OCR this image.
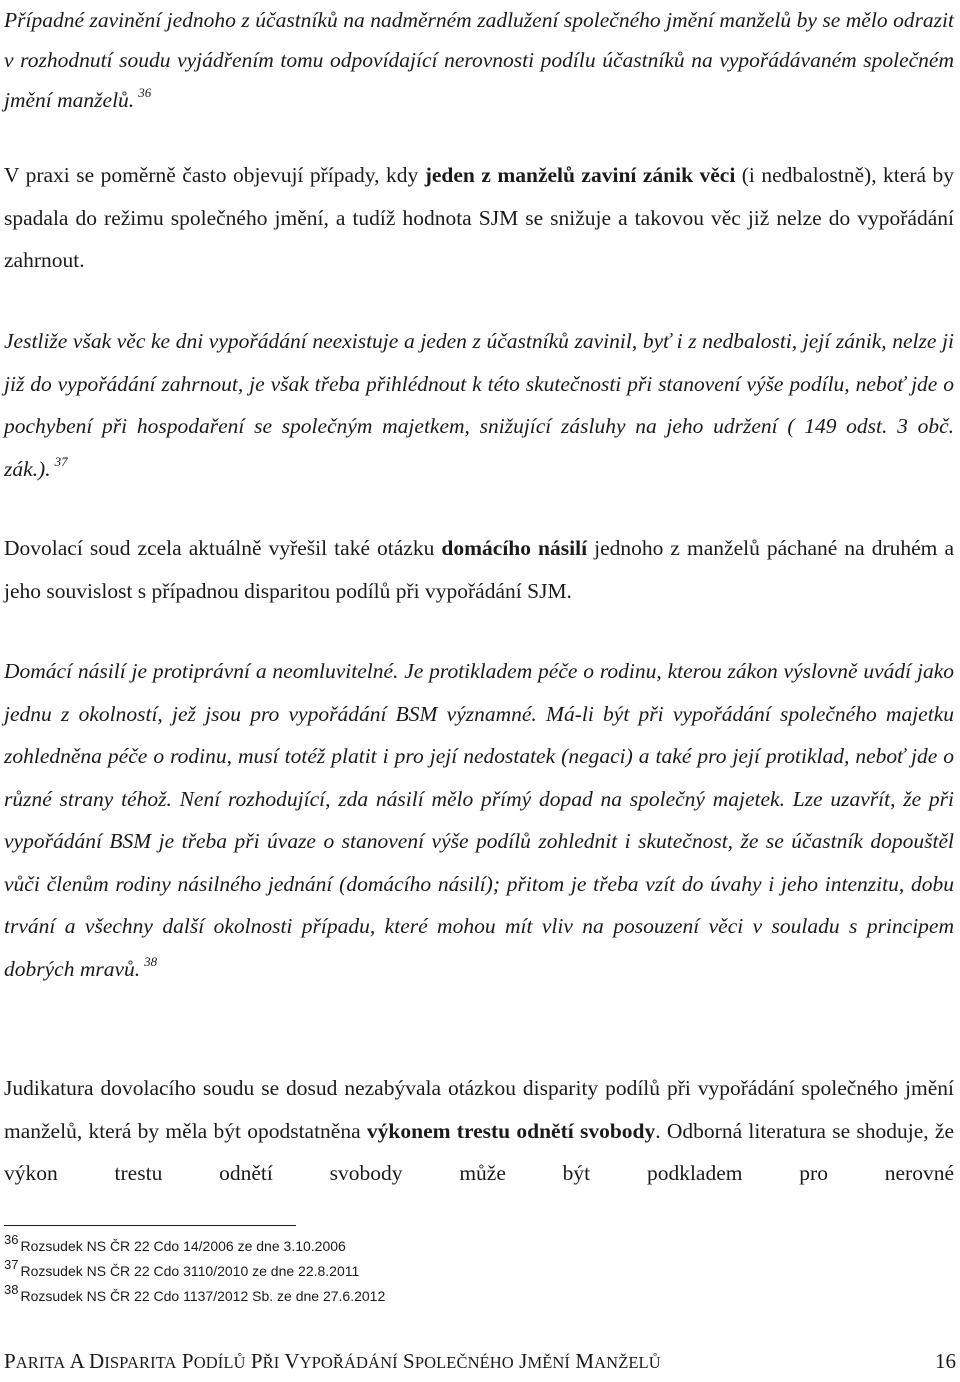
Případné zavinění jednoho z účastníků na nadměrném zadlužení společného jmění manželů by se mělo odrazit v rozhodnutí soudu vyjádřením tomu odpovídající nerovnosti podílu účastníků na vypořádávaném společném jmění manželů. $^{36}$

V praxi se poměrně často objevují případy, kdy jeden z manželů zaviní zánik věci (i nedbalostně), která by spadala do režimu společného jmění, a tudíž hodnota SJM se snižuje a takovou věc již nelze do vypořádání zahrnout.

Jestliže však věc ke dni vypořádání neexistuje a jeden z účastníků zavinil, byť i z nedbalosti, její zánik, nelze ji již do vypořádání zahrnout, je však třeba přihlédnout k této skutečnosti při stanovení výše podílu, neboť jde o pochybení při hospodaření se společným majetkem, snižující zásluhy na jeho udržení ( 149 odst. 3 obč. zák.). $^{37}$

Dovolací soud zcela aktuálně vyřešil také otázku domácího násilí jednoho z manželů páchané na druhém a jeho souvislost s případnou disparitou podílů při vypořádání SJM.

Domácí násilí je protiprávní a neomluvitelné. Je protikladem péče o rodinu, kterou zákon výslovně uvádí jako jednu z okolností, jež jsou pro vypořádání BSM významné. Má-li být při vypořádání společného majetku zohledněna péče o rodinu, musí totéž platit i pro její nedostatek (negaci) a také pro její protiklad, neboť jde o různé strany téhož. Není rozhodující, zda násilí mělo přímý dopad na společný majetek. Lze uzavřít, že při vypořádání BSM je třeba při úvaze o stanovení výše podílů zohlednit i skutečnost, že se účastník dopouštěl vůči členům rodiny násilného jednání (domácího násilí); přitom je třeba vzít do úvahy i jeho intenzitu, dobu trvání a všechny další okolnosti případu, které mohou mít vliv na posouzení věci v souladu s principem dobrých mravů. $^{38}$

Judikatura dovolacího soudu se dosud nezabývala otázkou disparity podílů při vypořádání společného jmění manželů, která by měla být opodstatněna výkonem trestu odnětí svobody. Odborná literatura se shoduje, že výkon trestu odnětí svobody může být podkladem pro nerovné

36 Rozsudek NS ČR 22 Cdo 14/2006 ze dne 3.10.2006
37 Rozsudek NS ČR 22 Cdo 3110/2010 ze dne 22.8.2011
38 Rozsudek NS ČR 22 Cdo 1137/2012 Sb. ze dne 27.6.2012
PARITA A DISPARITA PODÍLŮ PŘI VYPOŘÁDÁNÍ SPOLEČNÉHO JMĚNÍ MANŽELŮ	16
